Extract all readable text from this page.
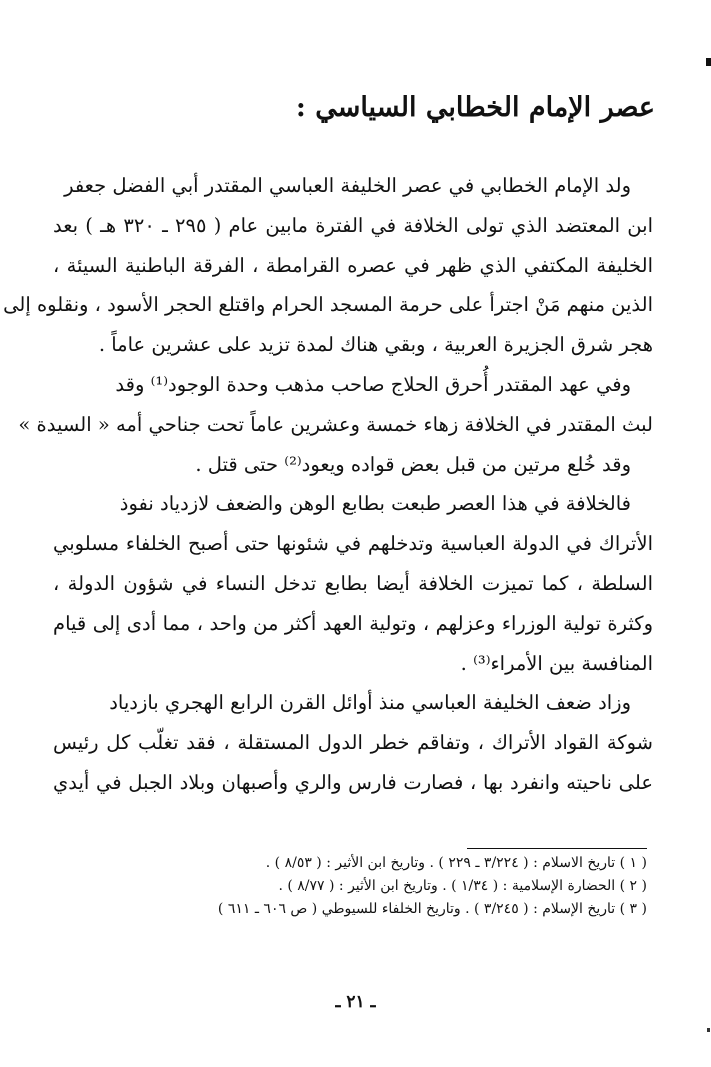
عصر الإمام الخطابي السياسي :
ولد الإمام الخطابي في عصر الخليفة العباسي المقتدر أبي الفضل جعفر
ابن المعتضد الذي تولى الخلافة في الفترة مابين عام ( ٢٩٥ ـ ٣٢٠ هـ ) بعد
الخليفة المكتفي الذي ظهر في عصره القرامطة ، الفرقة الباطنية السيئة ،
الذين منهم مَنْ اجترأ على حرمة المسجد الحرام واقتلع الحجر الأسود ، ونقلوه إلى
هجر شرق الجزيرة العربية ، وبقي هناك لمدة تزيد على عشرين عاماً .
وفي عهد المقتدر أُحرق الحلاج صاحب مذهب وحدة الوجود⁽¹⁾ وقد
لبث المقتدر في الخلافة زهاء خمسة وعشرين عاماً تحت جناحي أمه « السيدة »
وقد خُلع مرتين من قبل بعض قواده ويعود⁽²⁾ حتى قتل .
فالخلافة في هذا العصر طبعت بطابع الوهن والضعف لازدياد نفوذ
الأتراك في الدولة العباسية وتدخلهم في شئونها حتى أصبح الخلفاء مسلوبي
السلطة ، كما تميزت الخلافة أيضا بطابع تدخل النساء في شؤون الدولة ،
وكثرة تولية الوزراء وعزلهم ، وتولية العهد أكثر من واحد ، مما أدى إلى قيام
المنافسة بين الأمراء⁽³⁾ .
وزاد ضعف الخليفة العباسي منذ أوائل القرن الرابع الهجري بازدياد
شوكة القواد الأتراك ، وتفاقم خطر الدول المستقلة ، فقد تغلّب كل رئيس
على ناحيته وانفرد بها ، فصارت فارس والري وأصبهان وبلاد الجبل في أيدي
( ١ ) تاريخ الاسلام : ( ٣/٢٢٤ ـ ٢٢٩ ) . وتاريخ ابن الأثير : ( ٨/٥٣ ) .
( ٢ ) الحضارة الإسلامية : ( ١/٣٤ ) . وتاريخ ابن الأثير : ( ٨/٧٧ ) .
( ٣ ) تاريخ الإسلام : ( ٣/٢٤٥ ) . وتاريخ الخلفاء للسيوطي ( ص ٦٠٦ ـ ٦١١ )
ـ ٢١ ـ
